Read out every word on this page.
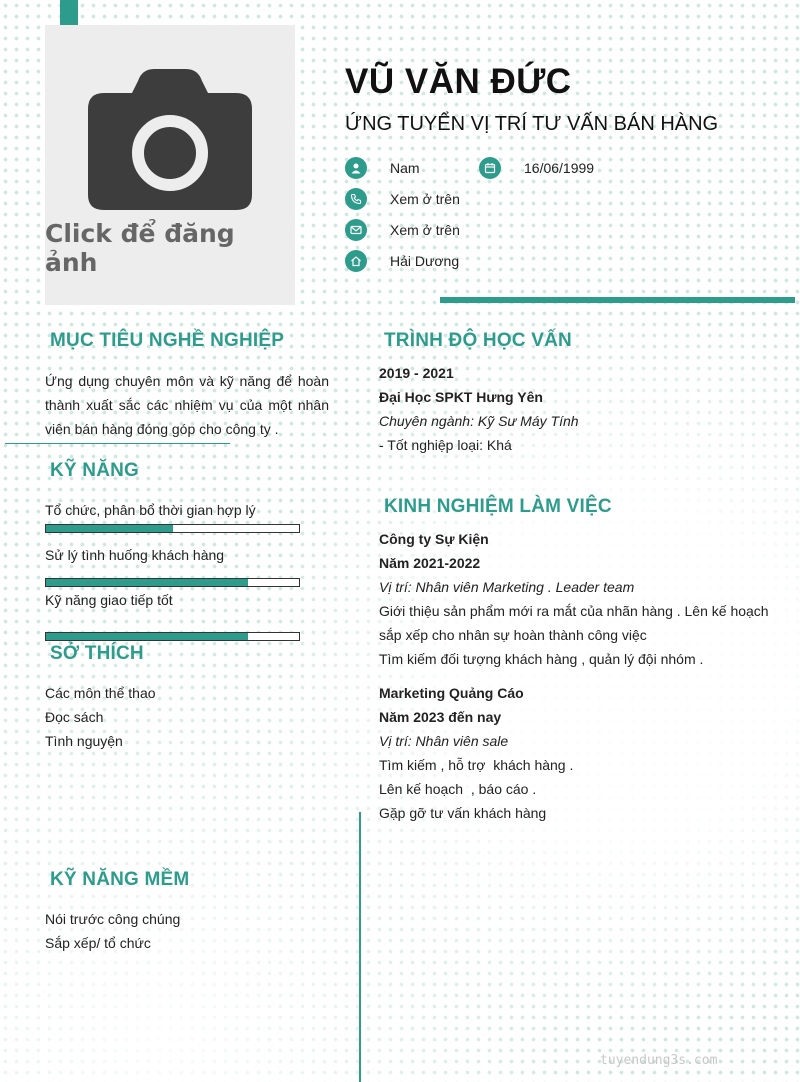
Click để đăng ảnh
VŨ VĂN ĐỨC
ỨNG TUYỂN VỊ TRÍ TƯ VẤN BÁN HÀNG
Nam	16/06/1999
Xem ở trên
Xem ở trên
Hải Dương
MỤC TIÊU NGHỀ NGHIỆP
Ứng dụng chuyên môn và kỹ năng để hoàn thành xuất sắc các nhiệm vụ của một nhân viên bán hàng đóng góp cho công ty .
KỸ NĂNG
Tổ chức, phân bổ thời gian hợp lý
Sử lý tình huống khách hàng
Kỹ năng giao tiếp tốt
SỞ THÍCH
Các môn thể thao
Đọc sách
Tình nguyện
KỸ NĂNG MỀM
Nói trước công chúng
Sắp xếp/ tổ chức
TRÌNH ĐỘ HỌC VẤN
2019 - 2021
Đại Học SPKT Hưng Yên
Chuyên ngành: Kỹ Sư Máy Tính
- Tốt nghiệp loại: Khá
KINH NGHIỆM LÀM VIỆC
Công ty Sự Kiện
Năm 2021-2022
Vị trí: Nhân viên Marketing . Leader team
Giới thiệu sản phẩm mới ra mắt của nhãn hàng . Lên kế hoạch sắp xếp cho nhân sự hoàn thành công việc
Tìm kiếm đối tượng khách hàng , quản lý đội nhóm .
Marketing Quảng Cáo
Năm 2023 đến nay
Vị trí: Nhân viên sale
Tìm kiếm , hỗ trợ  khách hàng .
Lên kế hoạch  , báo cáo .
Gặp gỡ tư vấn khách hàng
tuyendung3s.com
